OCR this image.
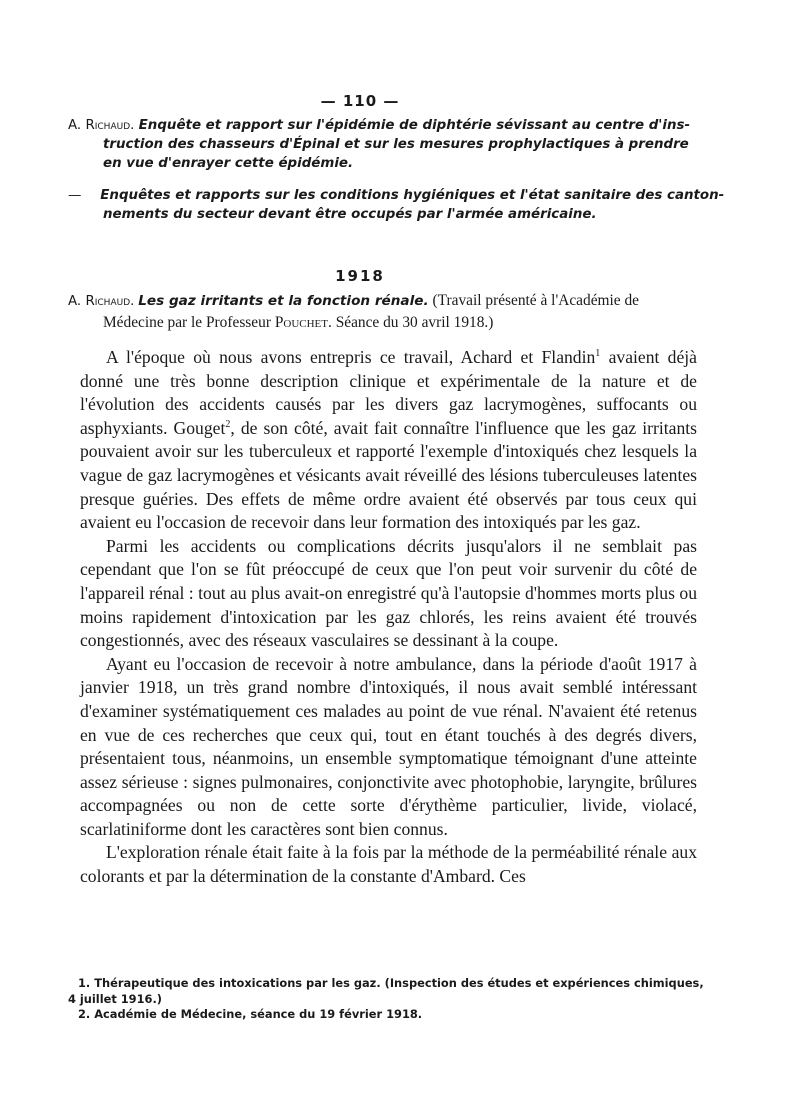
— 110 —
A. Richaud. Enquête et rapport sur l'épidémie de diphtérie sévissant au centre d'ins-
truction des chasseurs d'Épinal et sur les mesures prophylactiques à prendre
en vue d'enrayer cette épidémie.
— Enquêtes et rapports sur les conditions hygiéniques et l'état sanitaire des canton-
nements du secteur devant être occupés par l'armée américaine.
1918
A. Richaud. Les gaz irritants et la fonction rénale. (Travail présenté à l'Académie de
Médecine par le Professeur Pouchet. Séance du 30 avril 1918.)

A l'époque où nous avons entrepris ce travail, Achard et Flandin$^1$ avaient déjà donné une très bonne description clinique et expérimentale de la nature et de l'évolution des accidents causés par les divers gaz lacrymogènes, suffocants ou asphyxiants. Gouget$^2$, de son côté, avait fait connaître l'influence que les gaz irritants pouvaient avoir sur les tuberculeux et rapporté l'exemple d'intoxiqués chez lesquels la vague de gaz lacrymogènes et vésicants avait réveillé des lésions tuberculeuses latentes presque guéries. Des effets de même ordre avaient été observés par tous ceux qui avaient eu l'occasion de recevoir dans leur formation des intoxiqués par les gaz.

Parmi les accidents ou complications décrits jusqu'alors il ne semblait pas cependant que l'on se fût préoccupé de ceux que l'on peut voir survenir du côté de l'appareil rénal : tout au plus avait-on enregistré qu'à l'autopsie d'hommes morts plus ou moins rapidement d'intoxication par les gaz chlorés, les reins avaient été trouvés congestionnés, avec des réseaux vasculaires se dessinant à la coupe.

Ayant eu l'occasion de recevoir à notre ambulance, dans la période d'août 1917 à janvier 1918, un très grand nombre d'intoxiqués, il nous avait semblé intéressant d'examiner systématiquement ces malades au point de vue rénal. N'avaient été retenus en vue de ces recherches que ceux qui, tout en étant touchés à des degrés divers, présentaient tous, néanmoins, un ensemble symptomatique témoignant d'une atteinte assez sérieuse : signes pulmonaires, conjonctivite avec photophobie, laryngite, brûlures accompagnées ou non de cette sorte d'érythème particulier, livide, violacé, scarlatiniforme dont les caractères sont bien connus.

L'exploration rénale était faite à la fois par la méthode de la perméabilité rénale aux colorants et par la détermination de la constante d'Ambard. Ces

1. Thérapeutique des intoxications par les gaz. (Inspection des études et expériences chimiques,
4 juillet 1916.)
2. Académie de Médecine, séance du 19 février 1918.
